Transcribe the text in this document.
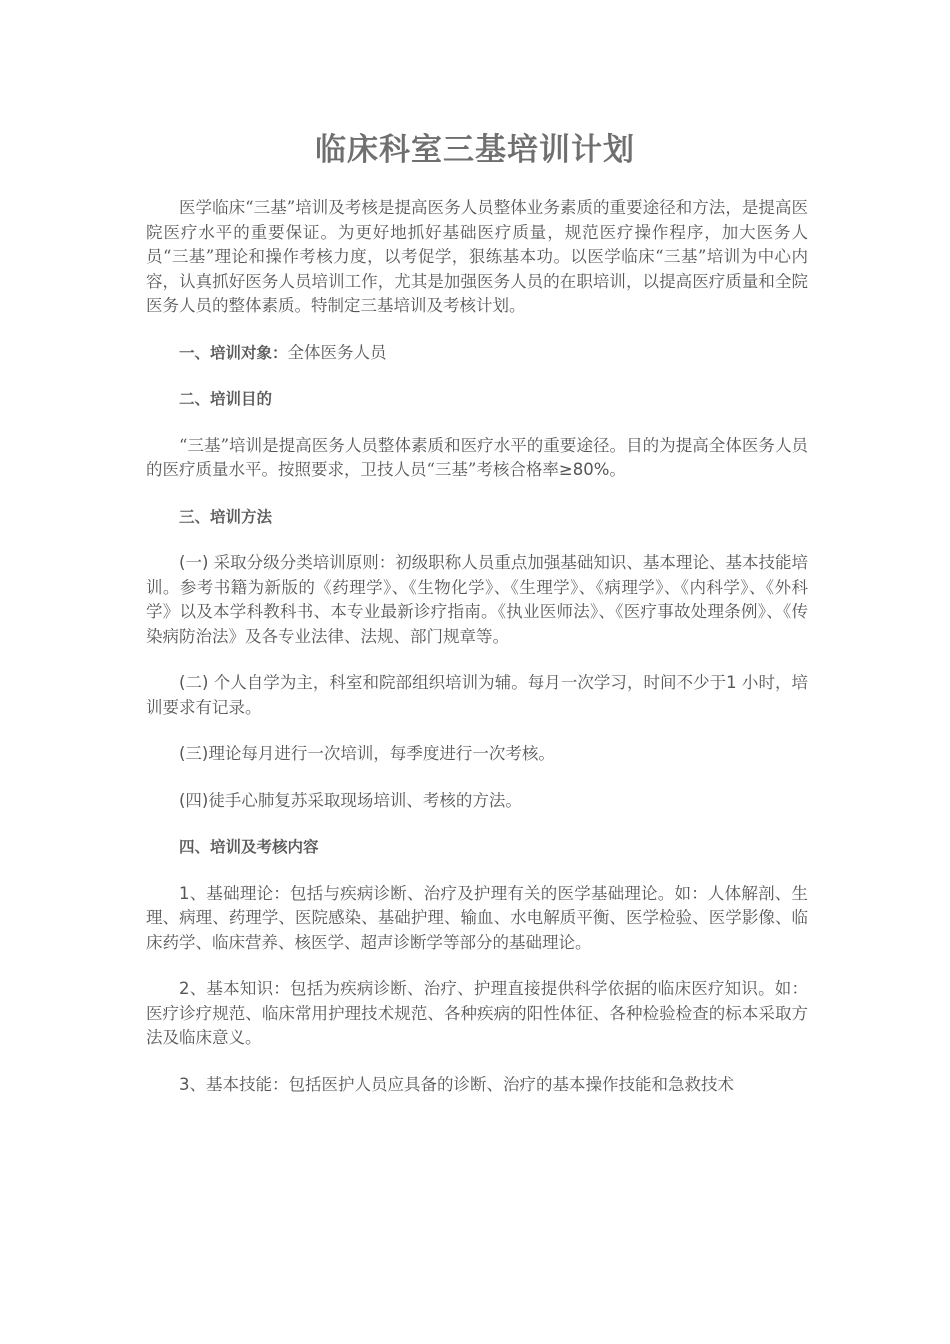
临床科室三基培训计划

医学临床“三基”培训及考核是提高医务人员整体业务素质的重要途径和方法，是提高医院医疗水平的重要保证。为更好地抓好基础医疗质量，规范医疗操作程序，加大医务人员“三基”理论和操作考核力度，以考促学，狠练基本功。以医学临床“三基”培训为中心内容，认真抓好医务人员培训工作，尤其是加强医务人员的在职培训，以提高医疗质量和全院医务人员的整体素质。特制定三基培训及考核计划。

一、培训对象：全体医务人员

二、培训目的

“三基”培训是提高医务人员整体素质和医疗水平的重要途径。目的为提高全体医务人员的医疗质量水平。按照要求，卫技人员“三基”考核合格率≥80%。

三、培训方法

(一) 采取分级分类培训原则：初级职称人员重点加强基础知识、基本理论、基本技能培训。参考书籍为新版的《药理学》、《生物化学》、《生理学》、《病理学》、《内科学》、《外科学》以及本学科教科书、本专业最新诊疗指南。《执业医师法》、《医疗事故处理条例》、《传染病防治法》及各专业法律、法规、部门规章等。

(二) 个人自学为主，科室和院部组织培训为辅。每月一次学习，时间不少于1 小时，培训要求有记录。

(三)理论每月进行一次培训，每季度进行一次考核。

(四)徒手心肺复苏采取现场培训、考核的方法。

四、培训及考核内容

1、基础理论：包括与疾病诊断、治疗及护理有关的医学基础理论。如：人体解剖、生理、病理、药理学、医院感染、基础护理、输血、水电解质平衡、医学检验、医学影像、临床药学、临床营养、核医学、超声诊断学等部分的基础理论。

2、基本知识：包括为疾病诊断、治疗、护理直接提供科学依据的临床医疗知识。如：医疗诊疗规范、临床常用护理技术规范、各种疾病的阳性体征、各种检验检查的标本采取方法及临床意义。

3、基本技能：包括医护人员应具备的诊断、治疗的基本操作技能和急救技术
